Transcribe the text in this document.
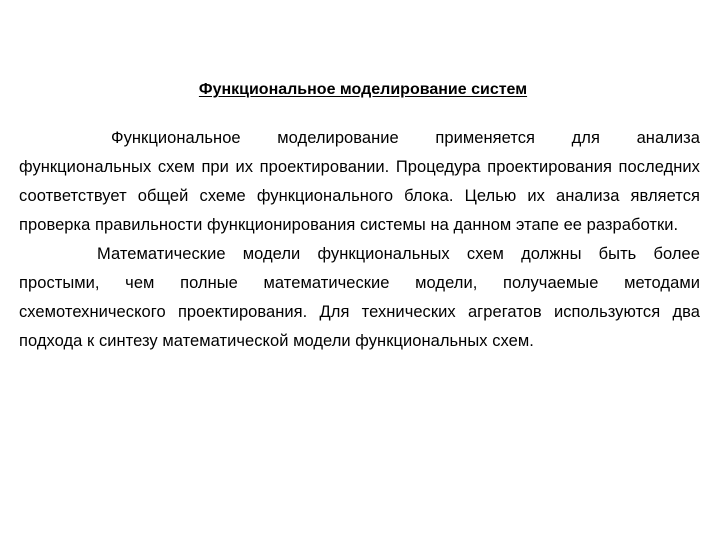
Функциональное моделирование систем

Функциональное моделирование применяется для анализа функциональных схем при их проектировании. Процедура проектирования последних соответствует общей схеме функционального блока. Целью их анализа является проверка правильности функционирования системы на данном этапе ее разработки.

Математические модели функциональных схем должны быть более простыми, чем полные математические модели, получаемые методами схемотехнического проектирования. Для технических агрегатов используются два подхода к синтезу математической модели функциональных схем.
